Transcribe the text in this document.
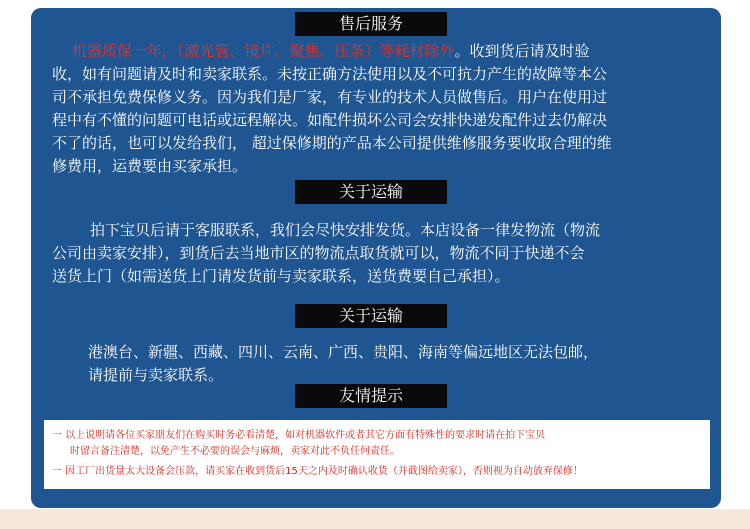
售后服务
机器质保一年，（激光管、镜片、聚焦、压条）等耗材除外。收到货后请及时验
收，如有问题请及时和卖家联系。未按正确方法使用以及不可抗力产生的故障等本公
司不承担免费保修义务。因为我们是厂家，有专业的技术人员做售后。用户在使用过
程中有不懂的问题可电话或远程解决。如配件损坏公司会安排快递发配件过去仍解决
不了的话，也可以发给我们， 超过保修期的产品本公司提供维修服务要收取合理的维
修费用，运费要由买家承担。
关于运输
拍下宝贝后请于客服联系，我们会尽快安排发货。本店设备一律发物流（物流
公司由卖家安排），到货后去当地市区的物流点取货就可以，物流不同于快递不会
送货上门（如需送货上门请发货前与卖家联系，送货费要自己承担）。
关于运输
港澳台、新疆、西藏、四川、云南、广西、贵阳、海南等偏远地区无法包邮，
请提前与卖家联系。
友情提示
一 以上说明请各位买家朋友们在购买时务必看清楚，如对机器软件或者其它方面有特殊性的要求时请在拍下宝贝
时留言备注清楚，以免产生不必要的误会与麻烦，卖家对此不负任何责任。
一 因工厂出货量太大设备会压款，请买家在收到货后15天之内及时确认收货（并截图给卖家），否则视为自动放弃保修！
